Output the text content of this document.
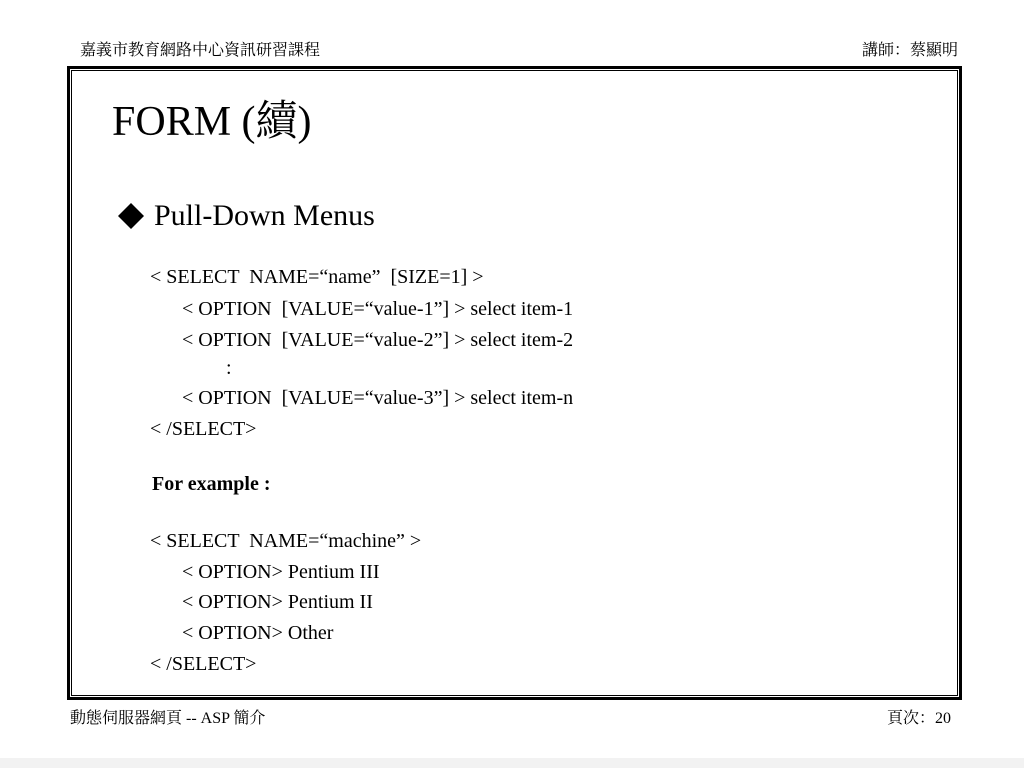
嘉義市教育網路中心資訊研習課程	講師：蔡顯明
FORM (續)
Pull-Down Menus
< SELECT  NAME=“name”  [SIZE=1] >
< OPTION  [VALUE=“value-1”] > select item-1
< OPTION  [VALUE=“value-2”] > select item-2
:
< OPTION  [VALUE=“value-3”] > select item-n
< /SELECT>
For example :
< SELECT  NAME=“machine” >
< OPTION> Pentium III
< OPTION> Pentium II
< OPTION> Other
< /SELECT>
動態伺服器網頁 -- ASP 簡介	頁次：20
